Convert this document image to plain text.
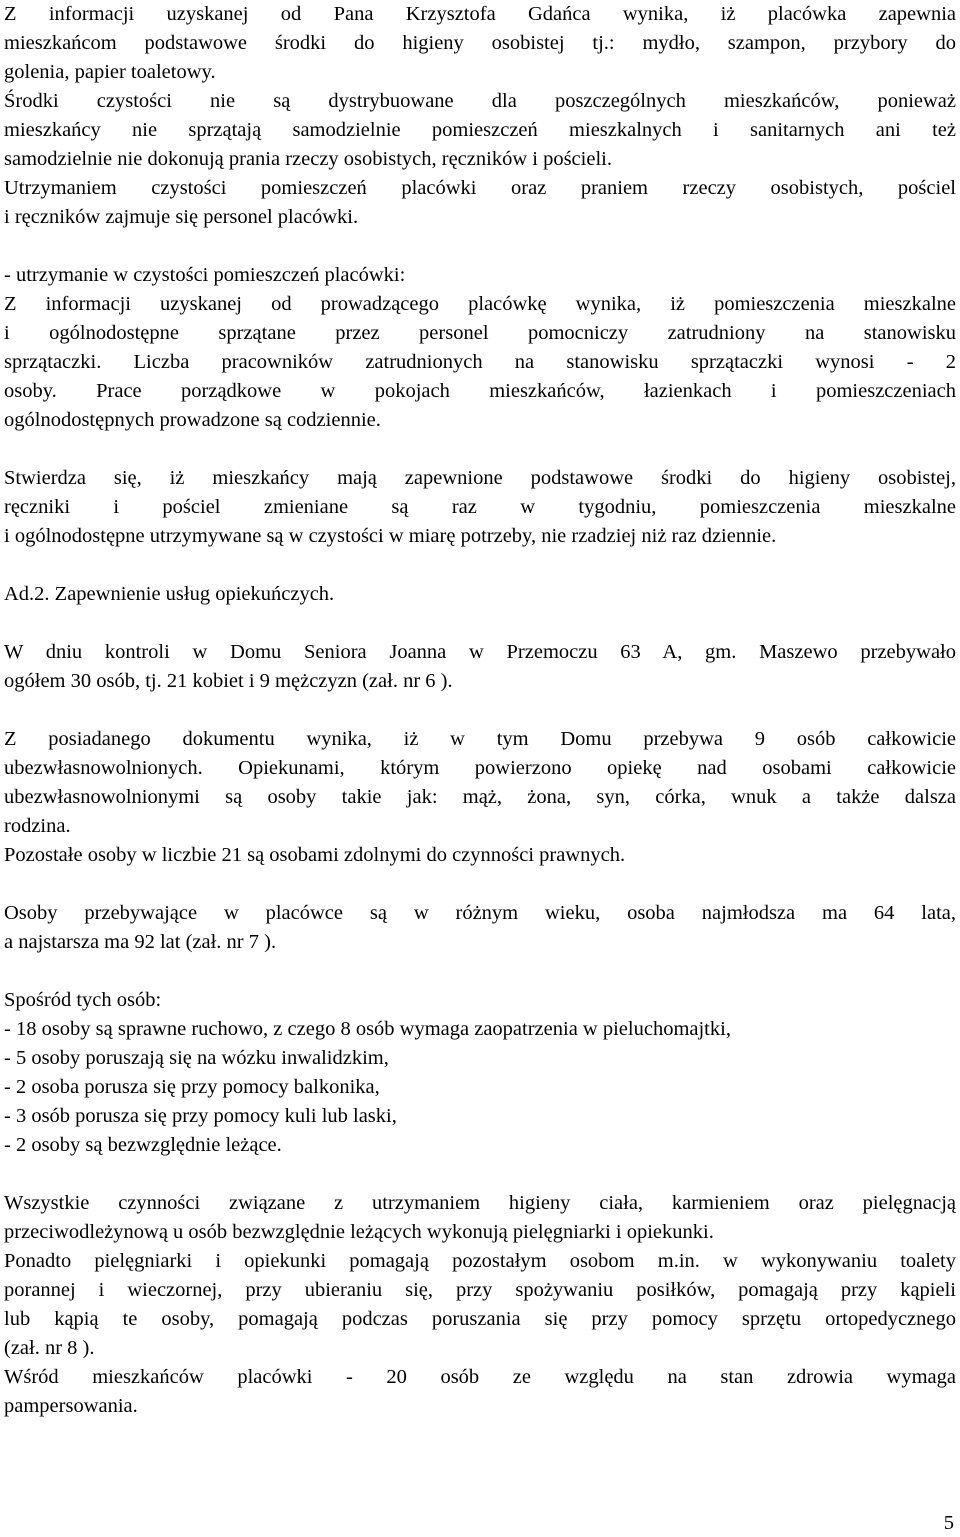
Z informacji uzyskanej od Pana Krzysztofa Gdańca wynika, iż placówka zapewnia
mieszkańcom podstawowe środki do higieny osobistej tj.: mydło, szampon, przybory do
golenia, papier toaletowy.
Środki czystości nie są dystrybuowane dla poszczególnych mieszkańców, ponieważ
mieszkańcy nie sprzątają samodzielnie pomieszczeń mieszkalnych i sanitarnych ani też
samodzielnie nie dokonują prania rzeczy osobistych, ręczników i pościeli.
Utrzymaniem czystości pomieszczeń placówki oraz praniem rzeczy osobistych, pościel
i ręczników zajmuje się personel placówki.
- utrzymanie w czystości pomieszczeń placówki:
Z informacji uzyskanej od prowadzącego placówkę wynika, iż pomieszczenia mieszkalne
i ogólnodostępne sprzątane przez personel pomocniczy zatrudniony na stanowisku
sprzątaczki. Liczba pracowników zatrudnionych na stanowisku sprzątaczki wynosi - 2
osoby. Prace porządkowe w pokojach mieszkańców, łazienkach i pomieszczeniach
ogólnodostępnych prowadzone są codziennie.
Stwierdza się, iż mieszkańcy mają zapewnione podstawowe środki do higieny osobistej,
ręczniki i pościel zmieniane są raz w tygodniu, pomieszczenia mieszkalne
i ogólnodostępne utrzymywane są w czystości w miarę potrzeby, nie rzadziej niż raz dziennie.
Ad.2. Zapewnienie usług opiekuńczych.
W dniu kontroli w Domu Seniora Joanna w Przemoczu 63 A, gm. Maszewo przebywało
ogółem 30 osób, tj. 21 kobiet i 9 mężczyzn (zał. nr 6 ).
Z posiadanego dokumentu wynika, iż w tym Domu przebywa 9 osób całkowicie
ubezwłasnowolnionych. Opiekunami, którym powierzono opiekę nad osobami całkowicie
ubezwłasnowolnionymi są osoby takie jak: mąż, żona, syn, córka, wnuk a także dalsza
rodzina.
Pozostałe osoby w liczbie 21 są osobami zdolnymi do czynności prawnych.
Osoby przebywające w placówce są w różnym wieku, osoba najmłodsza ma 64 lata,
a najstarsza ma 92 lat (zał. nr 7 ).
Spośród tych osób:
- 18 osoby są sprawne ruchowo, z czego 8 osób wymaga zaopatrzenia w pieluchomajtki,
- 5 osoby poruszają się na wózku inwalidzkim,
- 2 osoba porusza się przy pomocy balkonika,
- 3 osób porusza się przy pomocy kuli lub laski,
- 2 osoby są bezwzględnie leżące.
Wszystkie czynności związane z utrzymaniem higieny ciała, karmieniem oraz pielęgnacją
przeciwodleżynową u osób bezwzględnie leżących wykonują pielęgniarki i opiekunki.
Ponadto pielęgniarki i opiekunki pomagają pozostałym osobom m.in. w wykonywaniu toalety
porannej i wieczornej, przy ubieraniu się, przy spożywaniu posiłków, pomagają przy kąpieli
lub kąpią te osoby, pomagają podczas poruszania się przy pomocy sprzętu ortopedycznego
(zał. nr 8 ).
Wśród mieszkańców placówki - 20 osób ze względu na stan zdrowia wymaga
pampersowania.
5
